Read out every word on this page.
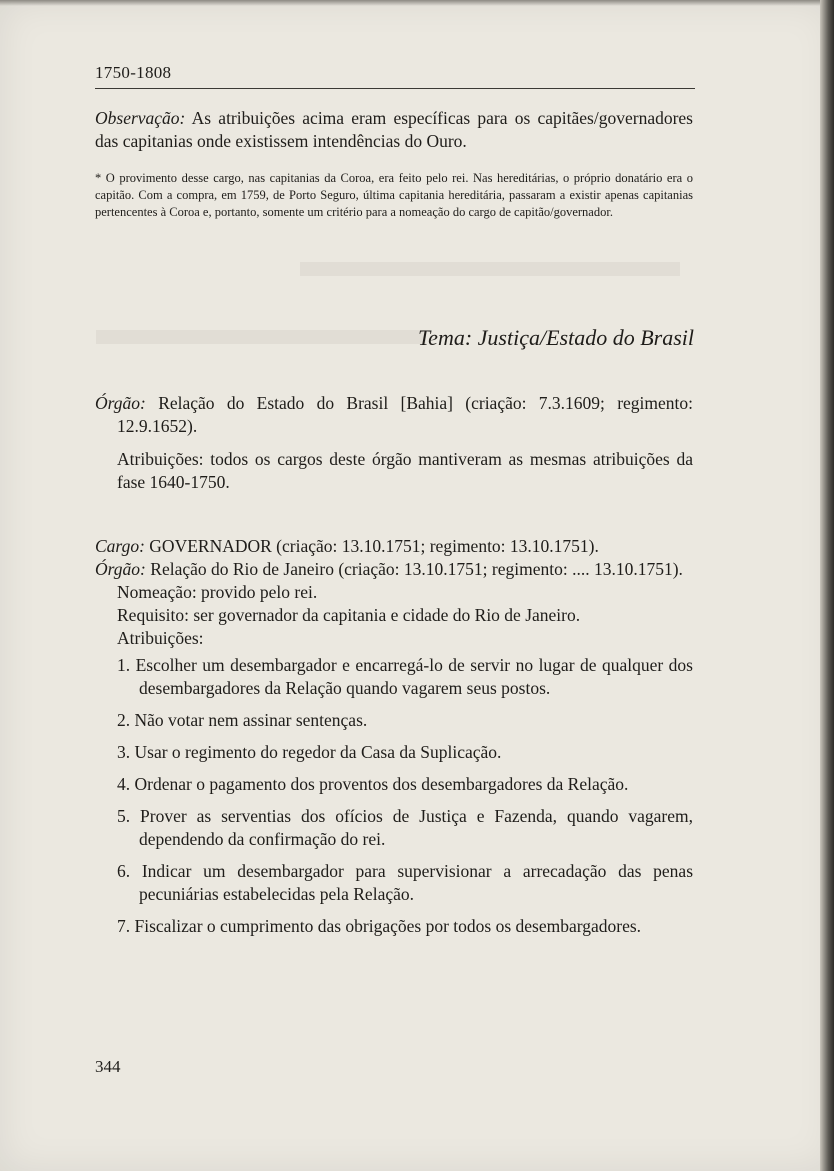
1750-1808
Observação: As atribuições acima eram específicas para os capitães/governadores das capitanias onde existissem intendências do Ouro.
* O provimento desse cargo, nas capitanias da Coroa, era feito pelo rei. Nas hereditárias, o próprio donatário era o capitão. Com a compra, em 1759, de Porto Seguro, última capitania hereditária, passaram a existir apenas capitanias pertencentes à Coroa e, portanto, somente um critério para a nomeação do cargo de capitão/governador.
Tema: Justiça/Estado do Brasil

Órgão: Relação do Estado do Brasil [Bahia] (criação: 7.3.1609; regimento: 12.9.1652).

Atribuições: todos os cargos deste órgão mantiveram as mesmas atribuições da fase 1640-1750.

Cargo: GOVERNADOR (criação: 13.10.1751; regimento: 13.10.1751).

Órgão: Relação do Rio de Janeiro (criação: 13.10.1751; regimento: .... 13.10.1751).

Nomeação: provido pelo rei.

Requisito: ser governador da capitania e cidade do Rio de Janeiro.

Atribuições:

1. Escolher um desembargador e encarregá-lo de servir no lugar de qualquer dos desembargadores da Relação quando vagarem seus postos.

2. Não votar nem assinar sentenças.

3. Usar o regimento do regedor da Casa da Suplicação.

4. Ordenar o pagamento dos proventos dos desembargadores da Relação.

5. Prover as serventias dos ofícios de Justiça e Fazenda, quando vagarem, dependendo da confirmação do rei.

6. Indicar um desembargador para supervisionar a arrecadação das penas pecuniárias estabelecidas pela Relação.

7. Fiscalizar o cumprimento das obrigações por todos os desembargadores.

344
